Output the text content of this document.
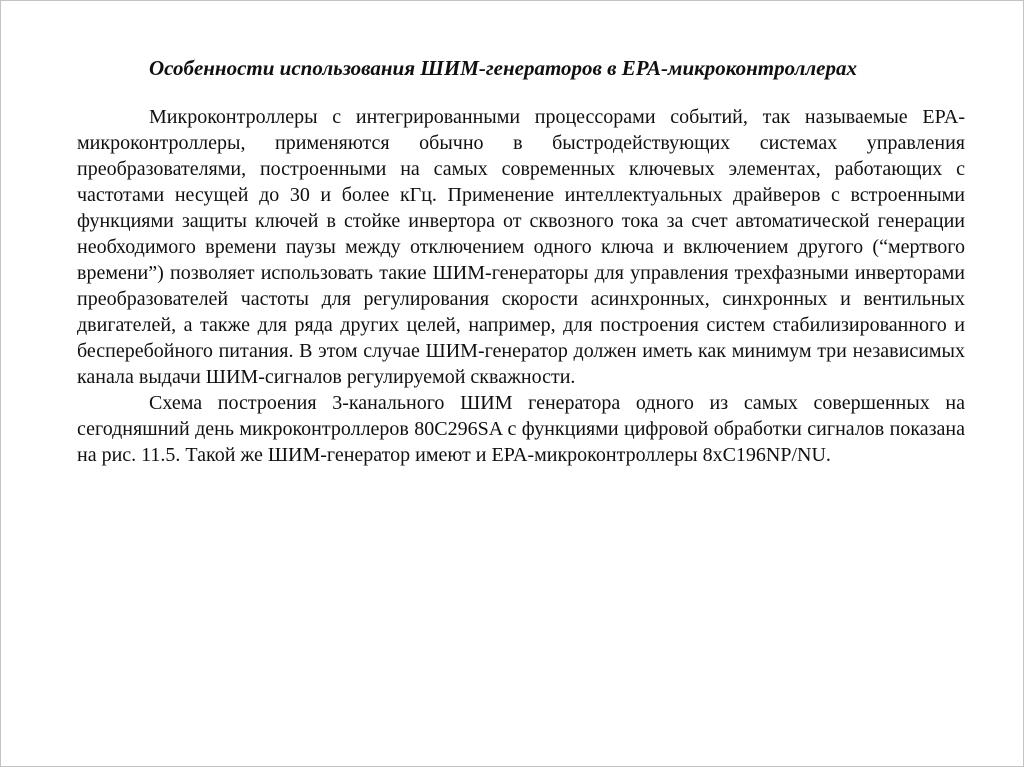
Особенности использования ШИМ-генераторов в EPA-микроконтроллерах

Микроконтроллеры с интегрированными процессорами событий, так называемые EPA-микроконтроллеры, применяются обычно в быстродействующих системах управления преобразователями, построенными на самых современных ключевых элементах, работающих с частотами несущей до 30 и более кГц. Применение интеллектуальных драйверов с встроенными функциями защиты ключей в стойке инвертора от сквозного тока за счет автоматической генерации необходимого времени паузы между отключением одного ключа и включением другого (“мертвого времени”) позволяет использовать такие ШИМ-генераторы для управления трехфазными инверторами преобразователей частоты для регулирования скорости асинхронных, синхронных и вентильных двигателей, а также для ряда других целей, например, для построения систем стабилизированного и бесперебойного питания. В этом случае ШИМ-генератор должен иметь как минимум три независимых канала выдачи ШИМ-сигналов регулируемой скважности.

Схема построения 3-канального ШИМ генератора одного из самых совершенных на сегодняшний день микроконтроллеров 80C296SA с функциями цифровой обработки сигналов показана на рис. 11.5. Такой же ШИМ-генератор имеют и EPA-микроконтроллеры 8xC196NP/NU.
